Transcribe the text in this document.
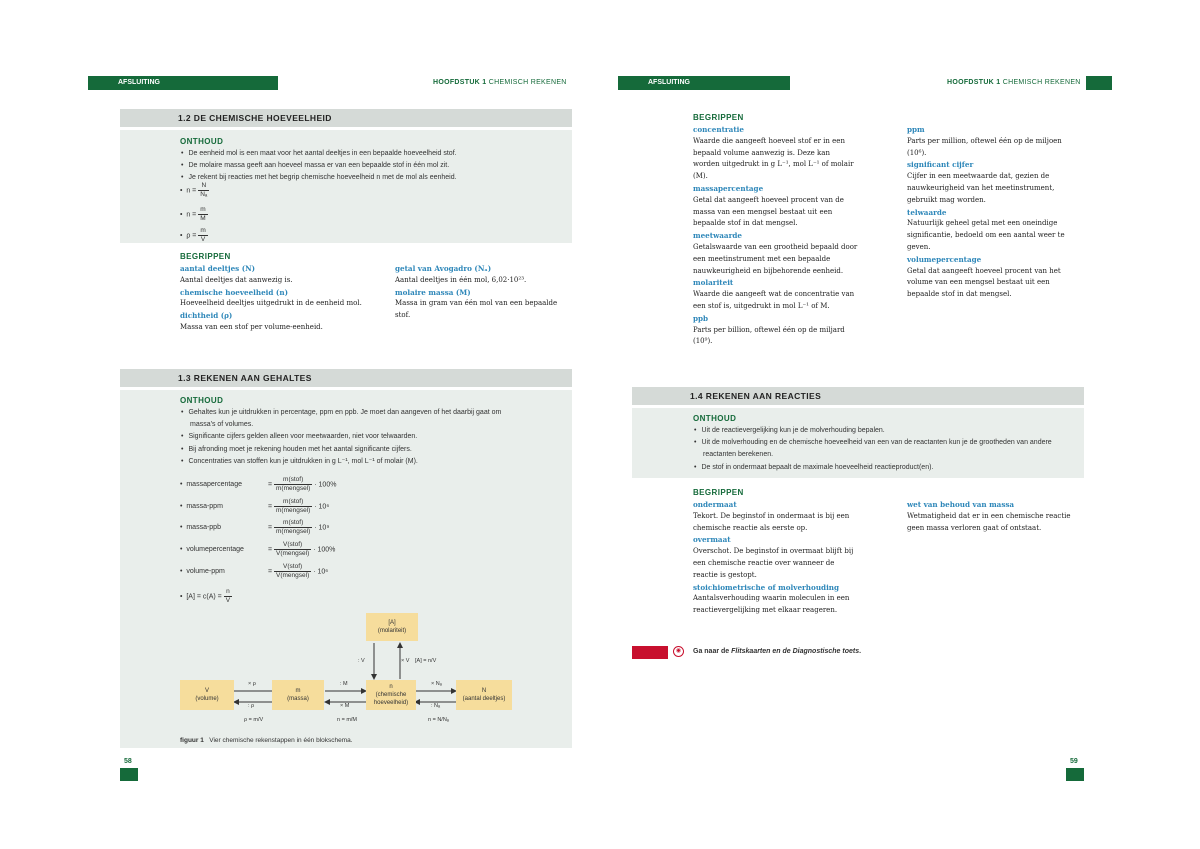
AFSLUITING	HOOFDSTUK 1 CHEMISCH REKENEN	AFSLUITING	HOOFDSTUK 1 CHEMISCH REKENEN
1.2 DE CHEMISCHE HOEVEELHEID
ONTHOUD
• De eenheid mol is een maat voor het aantal deeltjes in een bepaalde hoeveelheid stof.
• De molaire massa geeft aan hoeveel massa er van een bepaalde stof in één mol zit.
• Je rekent bij reacties met het begrip chemische hoeveelheid n met de mol als eenheid.
•  $n = \frac{N}{\text{Nₐ}}$
•  $n = \frac{m}{M}$
•  $\rho = \frac{m}{V}$
BEGRIPPEN
aantal deeltjes (N)
Aantal deeltjes dat aanwezig is.
chemische hoeveelheid (n)
Hoeveelheid deeltjes uitgedrukt in de eenheid mol.
dichtheid (ρ)
Massa van een stof per volume-eenheid.
getal van Avogadro (Nₐ)
Aantal deeltjes in één mol, 6,02·10²³.
molaire massa (M)
Massa in gram van één mol van een bepaalde stof.
1.3 REKENEN AAN GEHALTES
ONTHOUD
• Gehaltes kun je uitdrukken in percentage, ppm en ppb. Je moet dan aangeven of het daarbij gaat om massa's of volumes.
• Significante cijfers gelden alleen voor meetwaarden, niet voor telwaarden.
• Bij afronding moet je rekening houden met het aantal significante cijfers.
• Concentraties van stoffen kun je uitdrukken in g L⁻¹, mol L⁻¹ of molair (M).
•  massapercentage	= $\frac{\text{m(stof)}}{\text{m(mengsel)}} \cdot 100\%$
•  massa-ppm	= $\frac{\text{m(stof)}}{\text{m(mengsel)}} \cdot 10^6$
•  massa-ppb	= $\frac{\text{m(stof)}}{\text{m(mengsel)}} \cdot 10^9$
•  volumepercentage	= $\frac{\text{V(stof)}}{\text{V(mengsel)}} \cdot 100\%$
•  volume-ppm	= $\frac{\text{V(stof)}}{\text{V(mengsel)}} \cdot 10^6$
•  $[A] = c(A) = \frac{n}{V}$
[A]
(molariteit)
V
(volume)
m
(massa)
n
(chemische
hoeveelheid)
N
(aantal deeltjes)
× ρ
: ρ
: M
× M
× Nₐ
: Nₐ
: V	× V [A] = n/V
ρ = m/V	n = m/M	n = N/Nₐ
figuur 1 Vier chemische rekenstappen in één blokschema.
58
BEGRIPPEN
concentratie
Waarde die aangeeft hoeveel stof er in een bepaald volume aanwezig is. Deze kan worden uitgedrukt in g L⁻¹, mol L⁻¹ of molair (M).
massapercentage
Getal dat aangeeft hoeveel procent van de massa van een mengsel bestaat uit een bepaalde stof in dat mengsel.
meetwaarde
Getalswaarde van een grootheid bepaald door een meetinstrument met een bepaalde nauwkeurigheid en bijbehorende eenheid.
molariteit
Waarde die aangeeft wat de concentratie van een stof is, uitgedrukt in mol L⁻¹ of M.
ppb
Parts per billion, oftewel één op de miljard (10⁹).
ppm
Parts per million, oftewel één op de miljoen (10⁶).
significant cijfer
Cijfer in een meetwaarde dat, gezien de nauwkeurigheid van het meetinstrument, gebruikt mag worden.
telwaarde
Natuurlijk geheel getal met een oneindige significantie, bedoeld om een aantal weer te geven.
volumepercentage
Getal dat aangeeft hoeveel procent van het volume van een mengsel bestaat uit een bepaalde stof in dat mengsel.
1.4 REKENEN AAN REACTIES
ONTHOUD
• Uit de reactievergelijking kun je de molverhouding bepalen.
• Uit de molverhouding en de chemische hoeveelheid van een van de reactanten kun je de grootheden van andere reactanten berekenen.
• De stof in ondermaat bepaalt de maximale hoeveelheid reactieproduct(en).
BEGRIPPEN
ondermaat
Tekort. De beginstof in ondermaat is bij een chemische reactie als eerste op.
overmaat
Overschot. De beginstof in overmaat blijft bij een chemische reactie over wanneer de reactie is gestopt.
stoichiometrische of molverhouding
Aantalsverhouding waarin moleculen in een reactievergelijking met elkaar reageren.
wet van behoud van massa
Wetmatigheid dat er in een chemische reactie geen massa verloren gaat of ontstaat.
◉	Ga naar de Flitskaarten en de Diagnostische toets.
59
